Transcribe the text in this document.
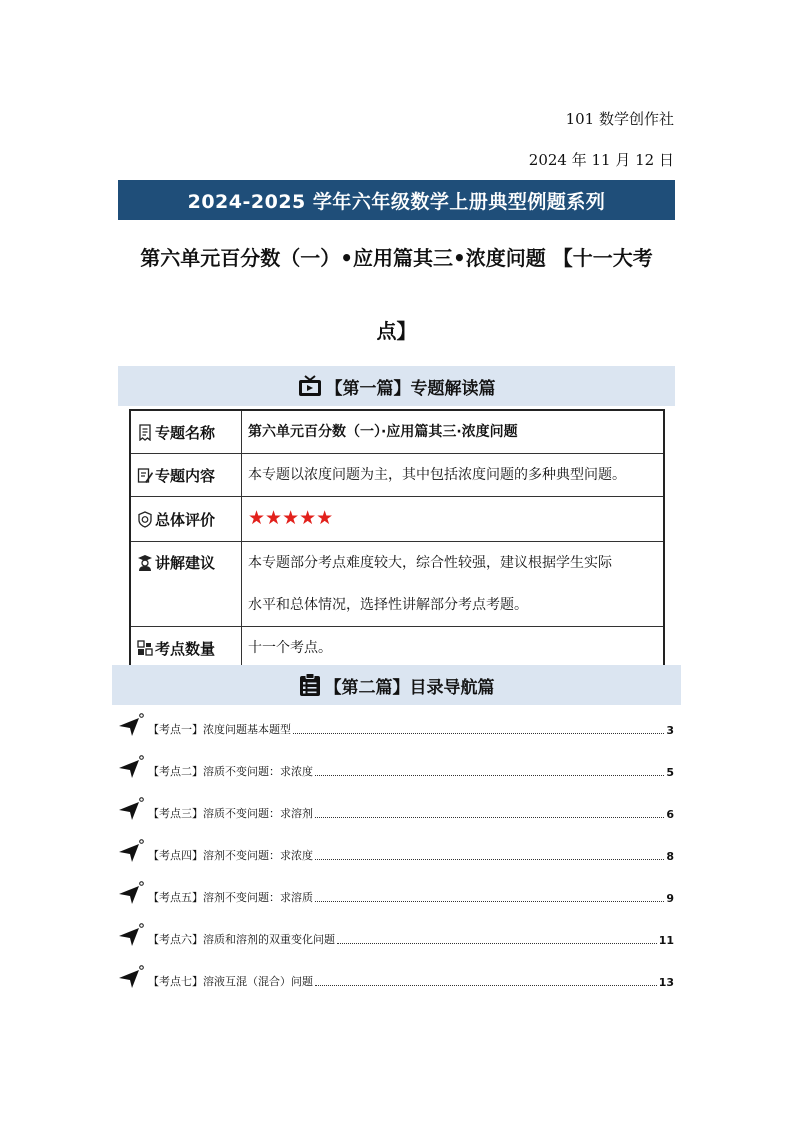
101 数学创作社
2024 年 11 月 12 日
2024-2025 学年六年级数学上册典型例题系列
第六单元百分数（一）•应用篇其三•浓度问题 【十一大考
点】
【第一篇】专题解读篇
专题名称	第六单元百分数（一）·应用篇其三·浓度问题
专题内容	本专题以浓度问题为主，其中包括浓度问题的多种典型问题。
总体评价	★★★★★
讲解建议	本专题部分考点难度较大，综合性较强，建议根据学生实际
水平和总体情况，选择性讲解部分考点考题。

考点数量	十一个考点。
【第二篇】目录导航篇
【考点一】浓度问题基本题型	3
【考点二】溶质不变问题：求浓度	5
【考点三】溶质不变问题：求溶剂	6
【考点四】溶剂不变问题：求浓度	8
【考点五】溶剂不变问题：求溶质	9
【考点六】溶质和溶剂的双重变化问题	11
【考点七】溶液互混（混合）问题	13
